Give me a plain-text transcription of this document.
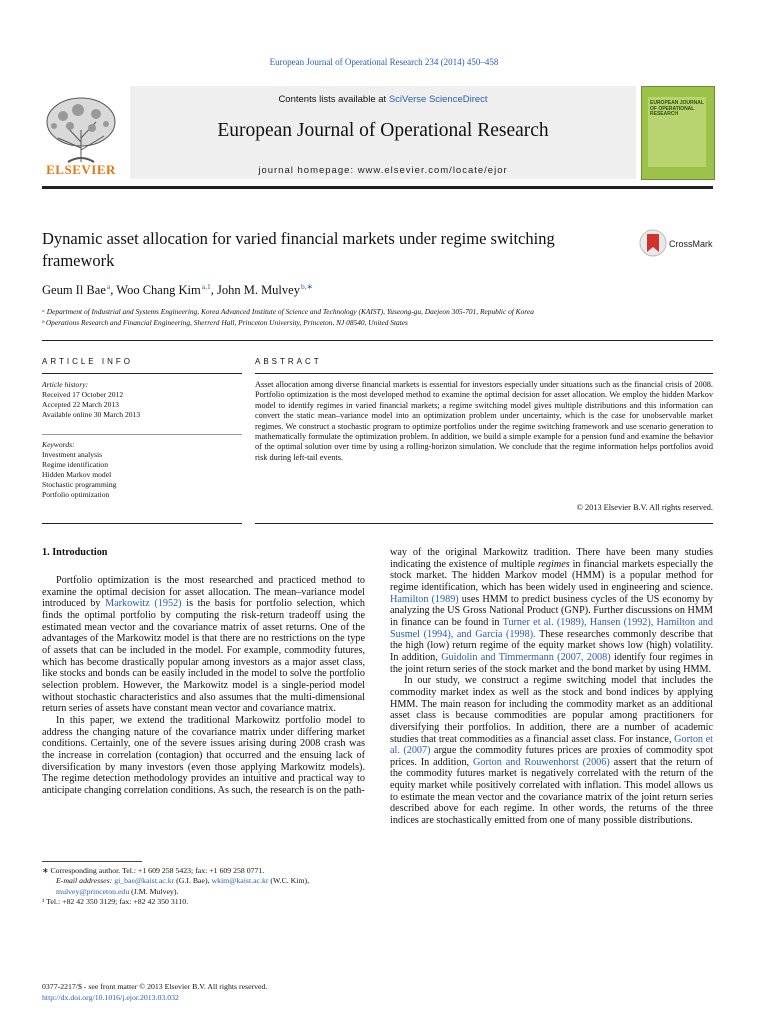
European Journal of Operational Research 234 (2014) 450–458
Contents lists available at SciVerse ScienceDirect
European Journal of Operational Research
journal homepage: www.elsevier.com/locate/ejor
ELSEVIER
EUROPEAN JOURNAL OF OPERATIONAL RESEARCH
Dynamic asset allocation for varied financial markets under regime switching framework
CrossMark
Geum Il Bae $^a$, Woo Chang Kim $^{a,1}$, John M. Mulvey $^{b,∗}$
ᵃ Department of Industrial and Systems Engineering, Korea Advanced Institute of Science and Technology (KAIST), Yuseong-gu, Daejeon 305-701, Republic of Korea
ᵇ Operations Research and Financial Engineering, Sherrerd Hall, Princeton University, Princeton, NJ 08540, United States
ARTICLE INFO
Article history:
Received 17 October 2012
Accepted 22 March 2013
Available online 30 March 2013
Keywords:
Investment analysis
Regime identification
Hidden Markov model
Stochastic programming
Portfolio optimization
ABSTRACT
Asset allocation among diverse financial markets is essential for investors especially under situations such as the financial crisis of 2008. Portfolio optimization is the most developed method to examine the optimal decision for asset allocation. We employ the hidden Markov model to identify regimes in varied financial markets; a regime switching model gives multiple distributions and this information can convert the static mean–variance model into an optimization problem under uncertainty, which is the case for unobservable market regimes. We construct a stochastic program to optimize portfolios under the regime switching framework and use scenario generation to mathematically formulate the optimization problem. In addition, we build a simple example for a pension fund and examine the behavior of the optimal solution over time by using a rolling-horizon simulation. We conclude that the regime information helps portfolios avoid risk during left-tail events.
© 2013 Elsevier B.V. All rights reserved.
1. Introduction

Portfolio optimization is the most researched and practiced method to examine the optimal decision for asset allocation. The mean–variance model introduced by Markowitz (1952) is the basis for portfolio selection, which finds the optimal portfolio by computing the risk-return tradeoff using the estimated mean vector and the covariance matrix of asset returns. One of the advantages of the Markowitz model is that there are no restrictions on the type of assets that can be included in the model. For example, commodity futures, which has become drastically popular among investors as a major asset class, like stocks and bonds can be easily included in the model to solve the portfolio selection problem. However, the Markowitz model is a single-period model without stochastic characteristics and also assumes that the multi-dimensional return series of assets have constant mean vector and covariance matrix.

In this paper, we extend the traditional Markowitz portfolio model to address the changing nature of the covariance matrix under differing market conditions. Certainly, one of the severe issues arising during 2008 crash was the increase in correlation (contagion) that occurred and the ensuing lack of diversification by many investors (even those applying Markowitz models). The regime detection methodology provides an intuitive and practical way to anticipate changing correlation conditions. As such, the research is on the path-

∗ Corresponding author. Tel.: +1 609 258 5423; fax: +1 609 258 0771.

E-mail addresses: gi_bae@kaist.ac.kr (G.I. Bae), wkim@kaist.ac.kr (W.C. Kim),
mulvey@princeton.edu (J.M. Mulvey).

¹ Tel.: +82 42 350 3129; fax: +82 42 350 3110.

0377-2217/$ - see front matter © 2013 Elsevier B.V. All rights reserved.
http://dx.doi.org/10.1016/j.ejor.2013.03.032

way of the original Markowitz tradition. There have been many studies indicating the existence of multiple regimes in financial markets especially the stock market. The hidden Markov model (HMM) is a popular method for regime identification, which has been widely used in engineering and science. Hamilton (1989) uses HMM to predict business cycles of the US economy by analyzing the US Gross National Product (GNP). Further discussions on HMM in finance can be found in Turner et al. (1989), Hansen (1992), Hamilton and Susmel (1994), and Garcia (1998). These researches commonly describe that the high (low) return regime of the equity market shows low (high) volatility. In addition, Guidolin and Timmermann (2007, 2008) identify four regimes in the joint return series of the stock market and the bond market by using HMM.

In our study, we construct a regime switching model that includes the commodity market index as well as the stock and bond indices by applying HMM. The main reason for including the commodity market as an additional asset class is because commodities are popular among practitioners for diversifying their portfolios. In addition, there are a number of academic studies that treat commodities as a financial asset class. For instance, Gorton et al. (2007) argue the commodity futures prices are proxies of commodity spot prices. In addition, Gorton and Rouwenhorst (2006) assert that the return of the commodity futures market is negatively correlated with the return of the equity market while positively correlated with inflation. This model allows us to estimate the mean vector and the covariance matrix of the joint return series described above for each regime. In other words, the returns of the three indices are stochastically emitted from one of many possible distributions.
